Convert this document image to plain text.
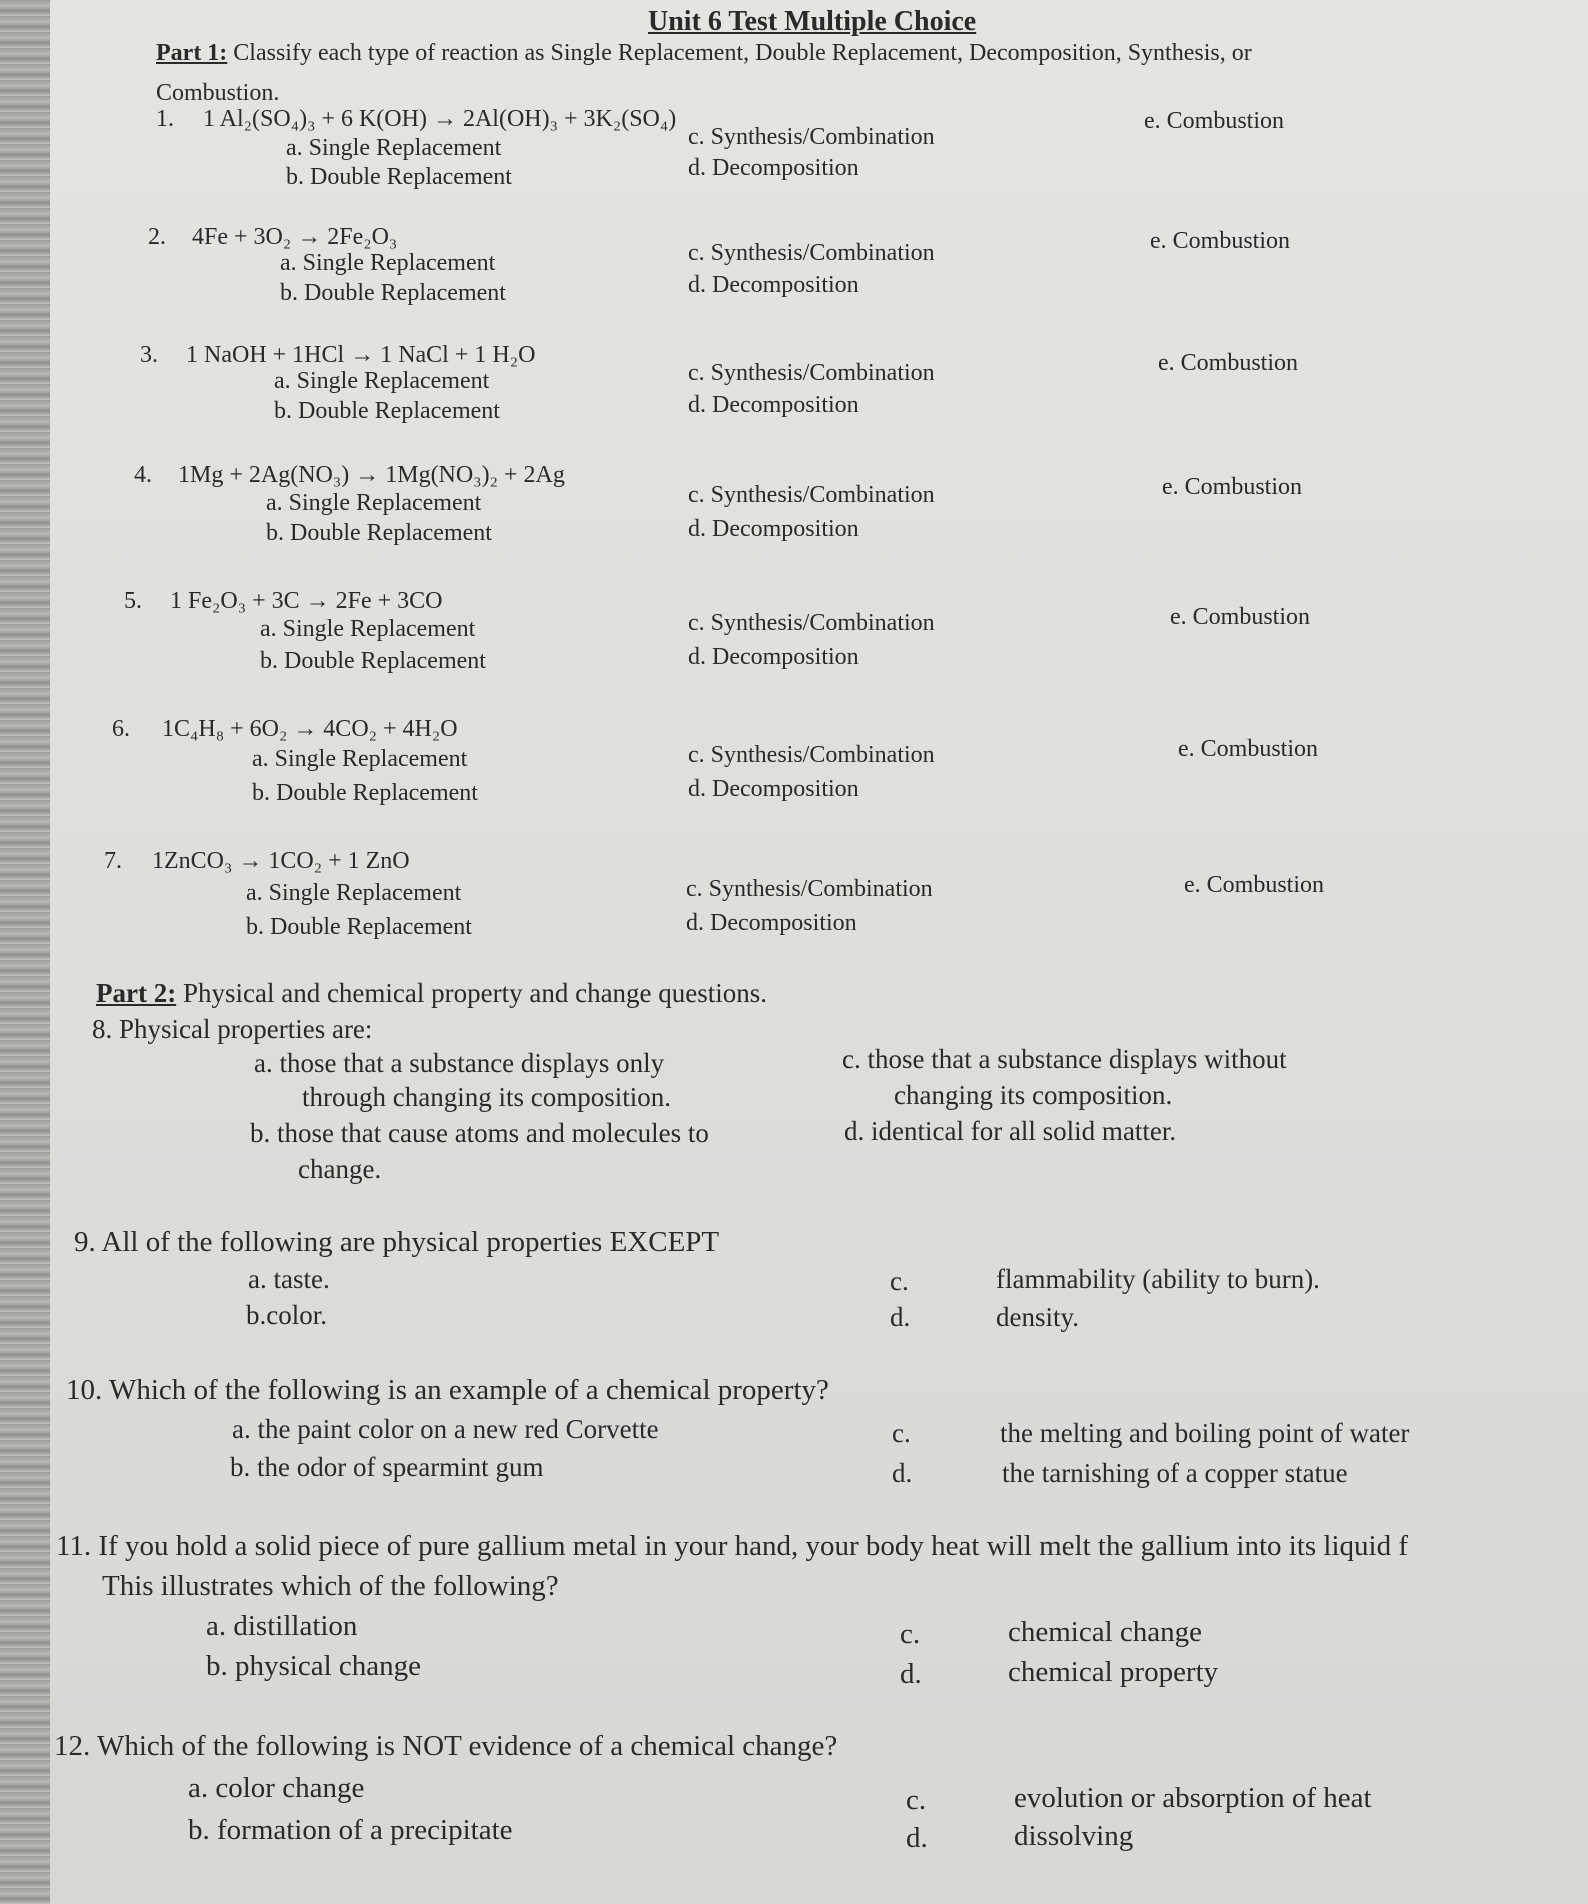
Unit 6 Test Multiple Choice
Part 1: Classify each type of reaction as Single Replacement, Double Replacement, Decomposition, Synthesis, or
Combustion.
1. 1 Al₂(SO₄)₃ + 6 K(OH) → 2Al(OH)₃ + 3K₂(SO₄)
a. Single Replacement
b. Double Replacement
c. Synthesis/Combination
d. Decomposition
e. Combustion
2. 4Fe + 3O₂ → 2Fe₂O₃
a. Single Replacement
b. Double Replacement
c. Synthesis/Combination
d. Decomposition
e. Combustion
3. 1 NaOH + 1HCl → 1 NaCl + 1 H₂O
a. Single Replacement
b. Double Replacement
c. Synthesis/Combination
d. Decomposition
e. Combustion
4. 1Mg + 2Ag(NO₃) → 1Mg(NO₃)₂ + 2Ag
a. Single Replacement
b. Double Replacement
c. Synthesis/Combination
d. Decomposition
e. Combustion
5. 1 Fe₂O₃ + 3C → 2Fe + 3CO
a. Single Replacement
b. Double Replacement
c. Synthesis/Combination
d. Decomposition
e. Combustion
6. 1C₄H₈ + 6O₂ → 4CO₂ + 4H₂O
a. Single Replacement
b. Double Replacement
c. Synthesis/Combination
d. Decomposition
e. Combustion
7. 1ZnCO₃ → 1CO₂ + 1 ZnO
a. Single Replacement
b. Double Replacement
c. Synthesis/Combination
d. Decomposition
e. Combustion
Part 2: Physical and chemical property and change questions.
8. Physical properties are:
a. those that a substance displays only
through changing its composition.
b. those that cause atoms and molecules to
change.
c. those that a substance displays without
changing its composition.
d. identical for all solid matter.
9. All of the following are physical properties EXCEPT
a. taste.
b.color.
c.	flammability (ability to burn).
d.	density.
10. Which of the following is an example of a chemical property?
a. the paint color on a new red Corvette
b. the odor of spearmint gum
c.	the melting and boiling point of water
d.	the tarnishing of a copper statue
11. If you hold a solid piece of pure gallium metal in your hand, your body heat will melt the gallium into its liquid f
This illustrates which of the following?
a. distillation
b. physical change
c.	chemical change
d.	chemical property
12. Which of the following is NOT evidence of a chemical change?
a. color change
b. formation of a precipitate
c.	evolution or absorption of heat
d.	dissolving
